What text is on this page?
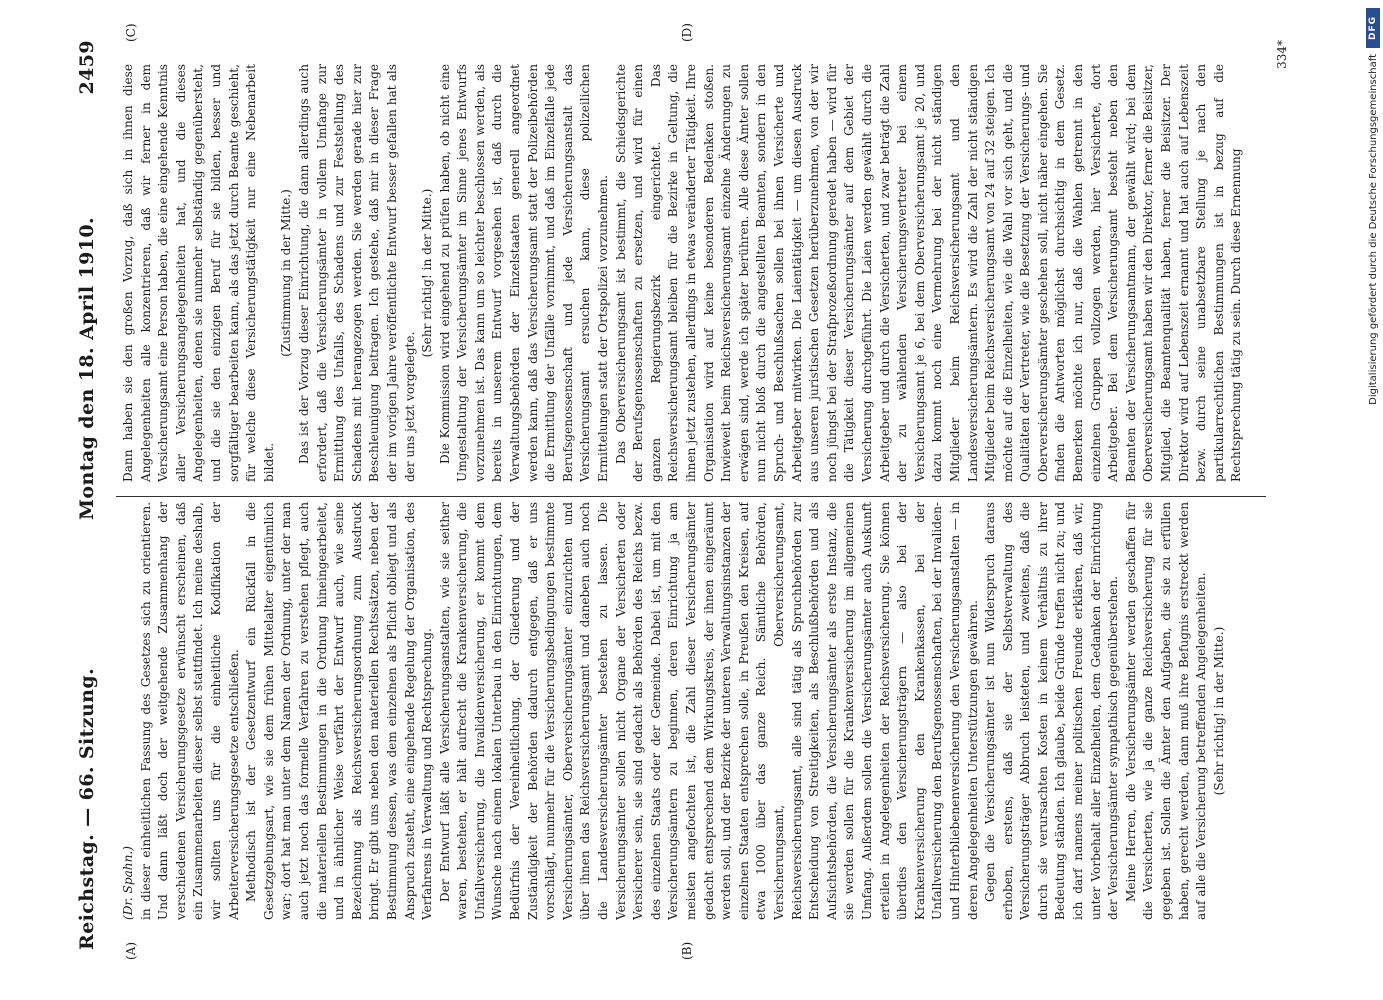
Reichstag. — 66. Sitzung.
Montag den 18. April 1910.
2459
(A)	(B)
(C)	(D)

(Dr. Spahn.) in dieser einheitlichen Fassung des Gesetzes sich zu orientieren. Und dann läßt doch der weitgehende Zusammenhang der verschiedenen Versicherungsgesetze erwünscht erscheinen, daß ein Zusammenarbeiten dieser selbst stattfindet. Ich meine deshalb, wir sollten uns für die einheitliche Kodifikation der Arbeiterversicherungsgesetze entschließen. Methodisch ist der Gesetzentwurf ein Rückfall in die Gesetzgebungsart, wie sie dem frühen Mittelalter eigentümlich war; dort hat man unter dem Namen der Ordnung, unter der man auch jetzt noch das formelle Verfahren zu verstehen pflegt, auch die materiellen Bestimmungen in die Ordnung hineingearbeitet, und in ähnlicher Weise verfährt der Entwurf auch, wie seine Bezeichnung als Reichsversicherungsordnung zum Ausdruck bringt. Er gibt uns neben den materiellen Rechtssätzen, neben der Bestimmung dessen, was dem einzelnen als Pflicht obliegt und als Anspruch zusteht, eine eingehende Regelung der Organisation, des Verfahrens in Verwaltung und Rechtsprechung. Der Entwurf läßt alle Versicherungsanstalten, wie sie seither waren, bestehen, er hält aufrecht die Krankenversicherung, die Unfallversicherung, die Invalidenversicherung, er kommt dem Wunsche nach einem lokalen Unterbau in den Einrichtungen, dem Bedürfnis der Vereinheitlichung, der Gliederung und der Zuständigkeit der Behörden dadurch entgegen, daß er uns vorschlägt, nunmehr für die Versicherungsbedingungen bestimmte Versicherungsämter, Oberversicherungsämter einzurichten und über ihnen das Reichsversicherungsamt und daneben auch noch die Landesversicherungsämter bestehen zu lassen. Die Versicherungsämter sollen nicht Organe der Versicherten oder Versicherer sein, sie sind gedacht als Behörden des Reichs bezw. des einzelnen Staats oder der Gemeinde. Dabei ist, um mit den Versicherungsämtern zu beginnen, deren Einrichtung ja am meisten angefochten ist, die Zahl dieser Versicherungsämter gedacht entsprechend dem Wirkungskreis, der ihnen eingeräumt werden soll, und der Bezirke der unteren Verwaltungsinstanzen der einzelnen Staaten entsprechen solle, in Preußen den Kreisen, auf etwa 1000 über das ganze Reich. Sämtliche Behörden, Versicherungsamt, Oberversicherungsamt, Reichsversicherungsamt, alle sind tätig als Spruchbehörden zur Entscheidung von Streitigkeiten, als Beschlußbehörden und als Aufsichtsbehörden, die Versicherungsämter als erste Instanz, die sie werden sollen für die Krankenversicherung im allgemeinen Umfang. Außerdem sollen die Versicherungsämter auch Auskunft erteilen in Angelegenheiten der Reichsversicherung. Sie können überdies den Versicherungsträgern — also bei der Krankenversicherung den Krankenkassen, bei der Unfallversicherung den Berufsgenossenschaften, bei der Invaliden- und Hinterbliebenenversicherung den Versicherungsanstalten — in deren Angelegenheiten Unterstützungen gewähren. Gegen die Versicherungsämter ist nun Widerspruch daraus erhoben, erstens, daß sie der Selbstverwaltung des Versicherungsträger Abbruch leisteten, und zweitens, daß die durch sie verursachten Kosten in keinem Verhältnis zu ihrer Bedeutung ständen. Ich glaube, beide Gründe treffen nicht zu; und ich darf namens meiner politischen Freunde erklären, daß wir, unter Vorbehalt aller Einzelheiten, dem Gedanken der Einrichtung der Versicherungsämter sympathisch gegenüberstehen. Meine Herren, die Versicherungsämter werden geschaffen für die Versicherten, wie ja die ganze Reichsversicherung für sie gegeben ist. Sollen die Ämter den Aufgaben, die sie zu erfüllen haben, gerecht werden, dann muß ihre Befugnis erstreckt werden auf alle die Versicherung betreffenden Angelegenheiten. (Sehr richtig! in der Mitte.)

Dann haben sie den großen Vorzug, daß sich in ihnen diese Angelegenheiten alle konzentrieren, daß wir ferner in dem Versicherungsamt eine Person haben, die eine eingehende Kenntnis aller Versicherungsangelegenheiten hat, und die dieses Angelegenheiten, denen sie nunmehr selbständig gegenübersteht, und die sie den einzigen Beruf für sie bilden, besser und sorgfältiger bearbeiten kann, als das jetzt durch Beamte geschieht, für welche diese Versicherungstätigkeit nur eine Nebenarbeit bildet.

(Zustimmung in der Mitte.) Das ist der Vorzug dieser Einrichtung, die dann allerdings auch erfordert, daß die Versicherungsämter in vollem Umfange zur Ermittlung des Unfalls, des Schadens und zur Feststellung des Schadens mit herangezogen werden. Sie werden gerade hier zur Beschleunigung beitragen. Ich gestehe, daß mir in dieser Frage der im vorigen Jahre veröffentlichte Entwurf besser gefallen hat als der uns jetzt vorgelegte.

(Sehr richtig! in der Mitte.) Die Kommission wird eingehend zu prüfen haben, ob nicht eine Umgestaltung der Versicherungsämter im Sinne jenes Entwurfs vorzunehmen ist. Das kann um so leichter beschlossen werden, als bereits in unserem Entwurf vorgesehen ist, daß durch die Verwaltungsbehörden der Einzelstaaten generell angeordnet werden kann, daß das Versicherungsamt statt der Polizeibehörden die Ermittlung der Unfälle vornimmt, und daß im Einzelfalle jede Berufsgenossenschaft und jede Versicherungsanstalt das Versicherungsamt ersuchen kann, diese polizeilichen Ermittelungen statt der Ortspolizei vorzunehmen. Das Oberversicherungsamt ist bestimmt, die Schiedsgerichte der Berufsgenossenschaften zu ersetzen, und wird für einen ganzen Regierungsbezirk eingerichtet. Das Reichsversicherungsamt bleiben für die Bezirke in Geltung, die ihnen jetzt zustehen, allerdings in etwas veränderter Tätigkeit. Ihre Organisation wird auf keine besonderen Bedenken stoßen. Inwieweit beim Reichsversicherungsamt einzelne Änderungen zu erwägen sind, werde ich später berühren. Alle diese Ämter sollen nun nicht bloß durch die angestellten Beamten, sondern in den Spruch- und Beschlußsachen sollen bei ihnen Versicherte und Arbeitgeber mitwirken. Die Laientätigkeit — um diesen Ausdruck aus unseren juristischen Gesetzen herüberzunehmen, von der wir noch jüngst bei der Strafprozeßordnung geredet haben — wird für die Tätigkeit dieser Versicherungsämter auf dem Gebiet der Versicherung durchgeführt. Die Laien werden gewählt durch die Arbeitgeber und durch die Versicherten, und zwar beträgt die Zahl der zu wählenden Versicherungsvertreter bei einem Versicherungsamt je 6, bei dem Oberversicherungsamt je 20, und dazu kommt noch eine Vermehrung bei der nicht ständigen Mitglieder beim Reichsversicherungsamt und den Landesversicherungsämtern. Es wird die Zahl der nicht ständigen Mitglieder beim Reichsversicherungsamt von 24 auf 32 steigen. Ich möchte auf die Einzelheiten, wie die Wahl vor sich geht, und die Qualitäten der Vertreter, wie die Besetzung der Versicherungs- und Oberversicherungsämter geschehen soll, nicht näher eingehen. Sie finden die Antworten möglichst durchsichtig in dem Gesetz. Bemerken möchte ich nur, daß die Wahlen getrennt in den einzelnen Gruppen vollzogen werden, hier Versicherte, dort Arbeitgeber. Bei dem Versicherungsamt besteht neben den Beamten der Versicherungsamtmann, der gewählt wird; bei dem Oberversicherungsamt haben wir den Direktor, ferner die Beisitzer, Mitglied, die Beamtenqualität haben, ferner die Beisitzer. Der Direktor wird auf Lebenszeit ernannt und hat auch auf Lebenszeit bezw. durch seine unabsetzbare Stellung je nach den partikularrechtlichen Bestimmungen ist in bezug auf die Rechtsprechung tätig zu sein. Durch diese Ernennung

334*
DFG
Digitalisierung gefördert durch die Deutsche Forschungsgemeinschaft
